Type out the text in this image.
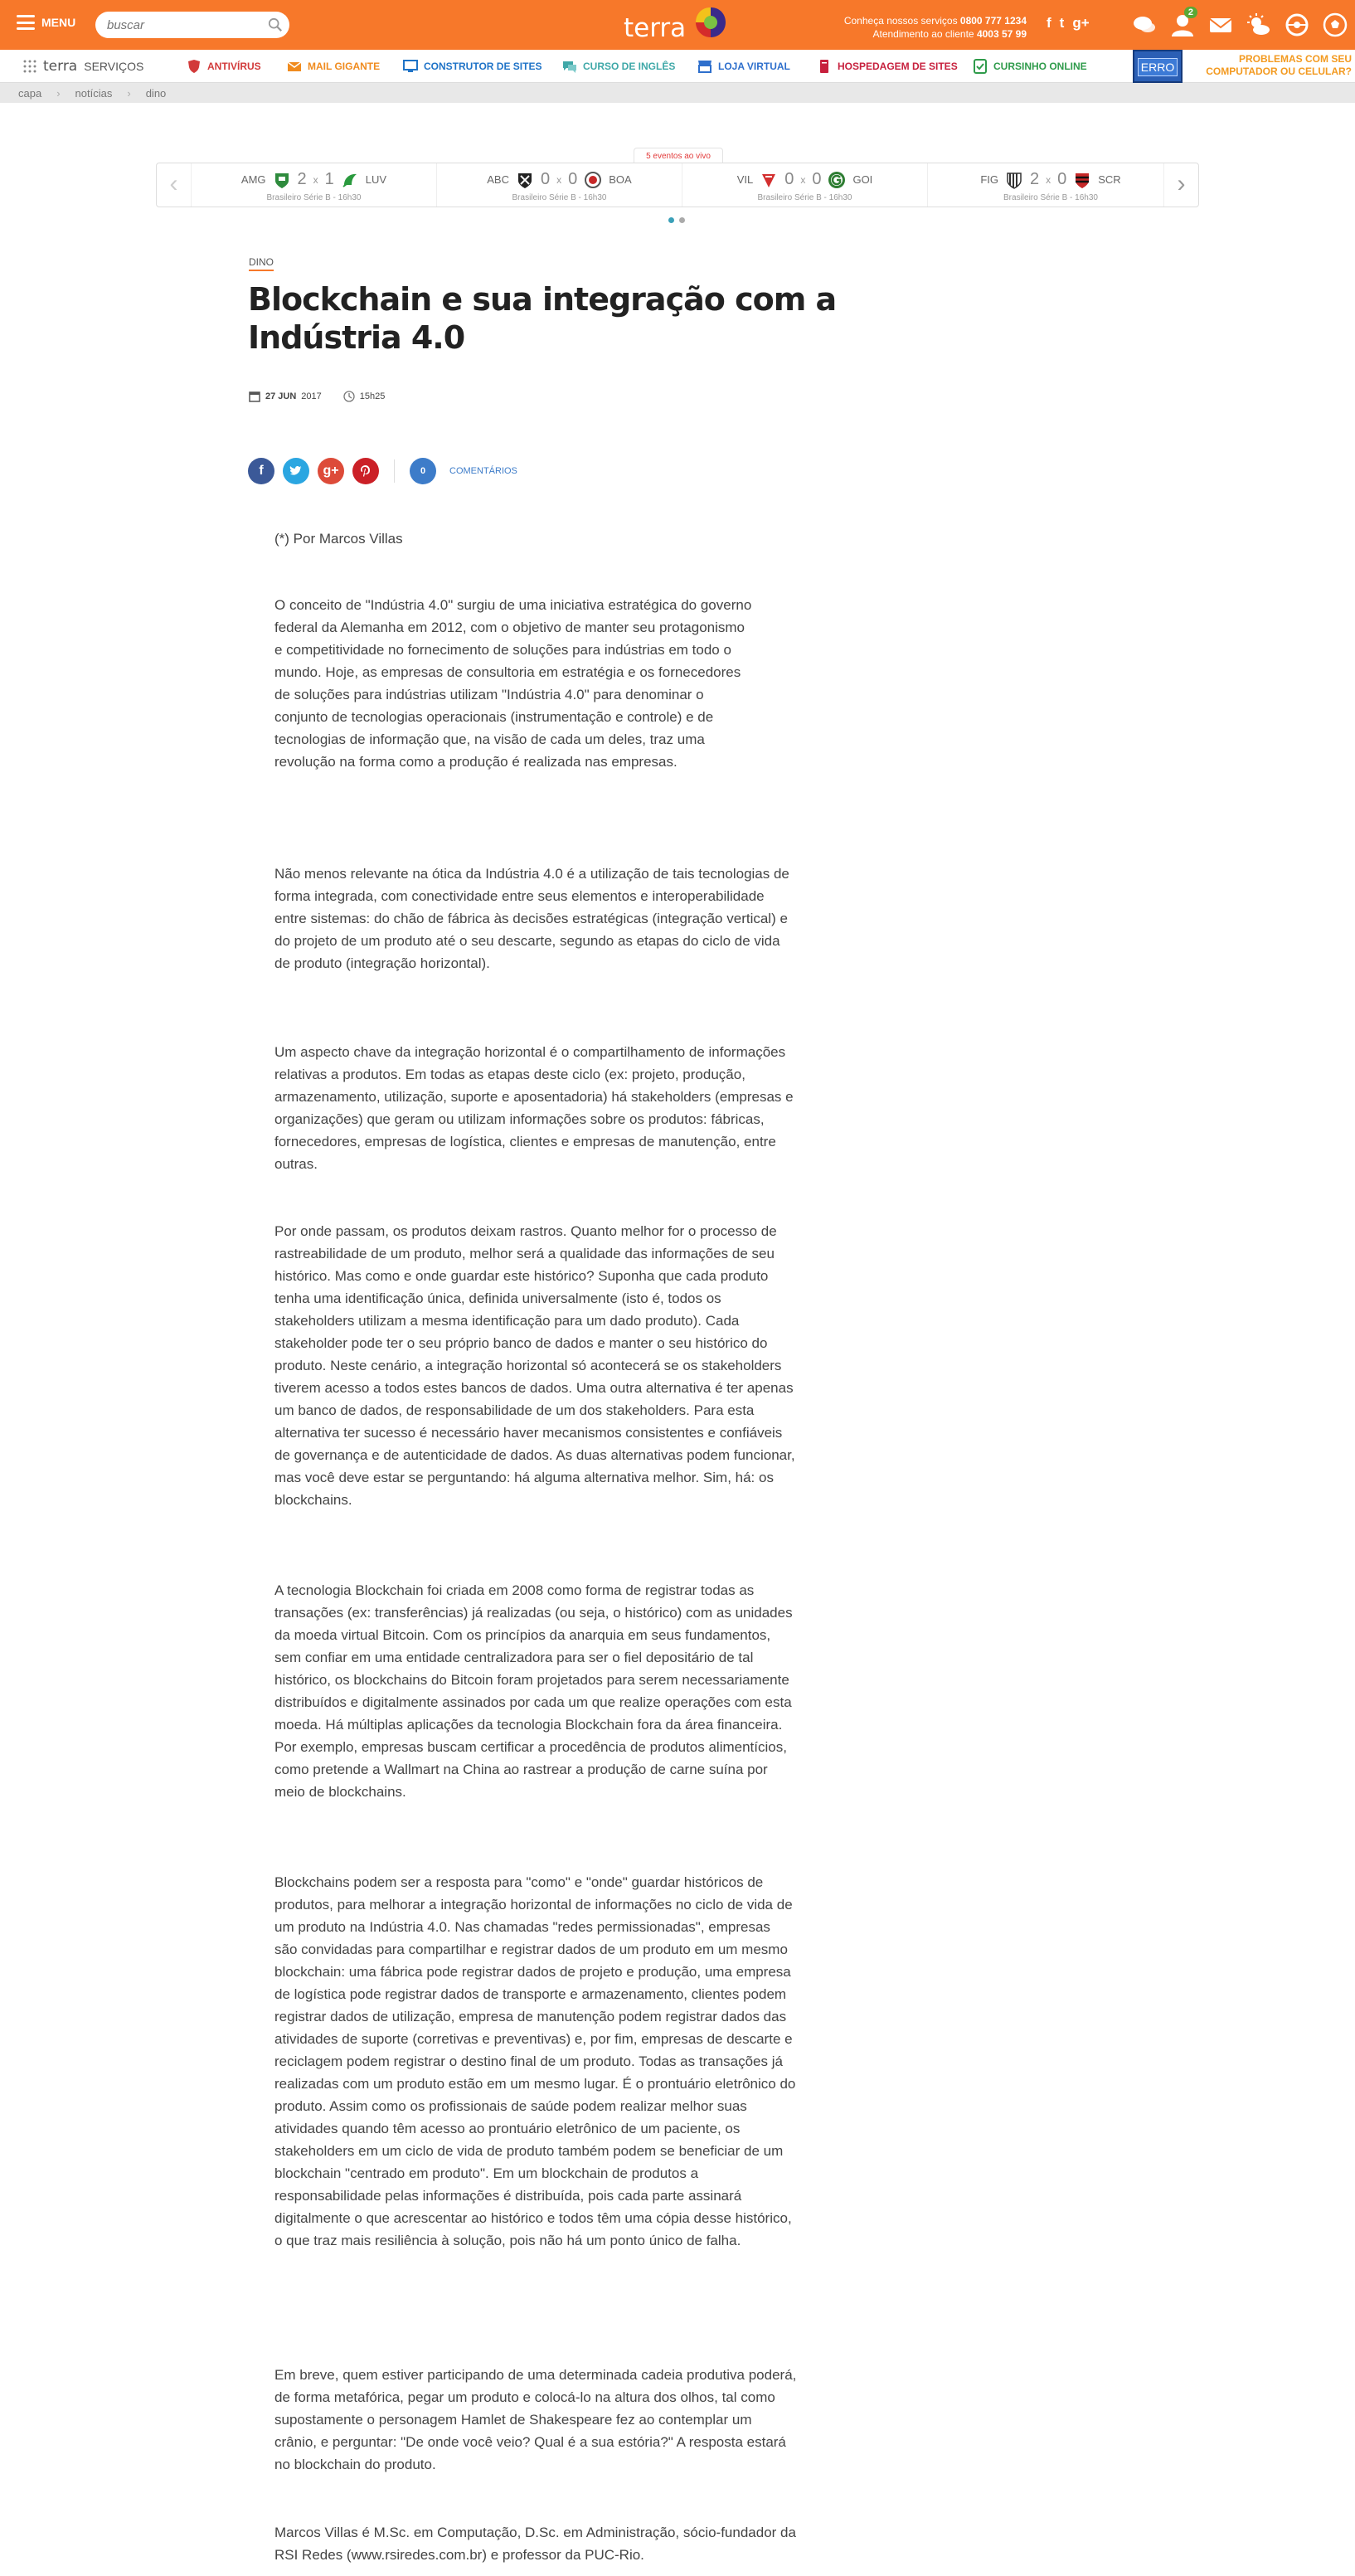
MENU
buscar	terra	Conheça nossos serviços 0800 777 1234
Atendimento ao cliente 4003 57 99
f t g+
2
terra SERVIÇOS	ANTIVÍRUS	MAIL GIGANTE	CONSTRUTOR DE SITES	CURSO DE INGLÊS	LOJA VIRTUAL	HOSPEDAGEM DE SITES	CURSINHO ONLINE	ERRO
PROBLEMAS COM SEU
COMPUTADOR OU CELULAR?
capa › notícias › dino
5 eventos ao vivo
‹	AMG 2 x 1	LUV
Brasileiro Série B - 16h30
ABC 0 x 0	BOA
Brasileiro Série B - 16h30
VIL 0 x 0	GOI
Brasileiro Série B - 16h30
FIG 2 x 0	SCR
Brasileiro Série B - 16h30
›
DINO
Blockchain e sua integração com a Indústria 4.0
27 JUN 2017	15h25
f	g+	0	COMENTÁRIOS

(*) Por Marcos Villas

O conceito de "Indústria 4.0" surgiu de uma iniciativa estratégica do governo federal da Alemanha em 2012, com o objetivo de manter seu protagonismo e competitividade no fornecimento de soluções para indústrias em todo o mundo. Hoje, as empresas de consultoria em estratégia e os fornecedores de soluções para indústrias utilizam "Indústria 4.0" para denominar o conjunto de tecnologias operacionais (instrumentação e controle) e de tecnologias de informação que, na visão de cada um deles, traz uma revolução na forma como a produção é realizada nas empresas.

Não menos relevante na ótica da Indústria 4.0 é a utilização de tais tecnologias de forma integrada, com conectividade entre seus elementos e interoperabilidade entre sistemas: do chão de fábrica às decisões estratégicas (integração vertical) e do projeto de um produto até o seu descarte, segundo as etapas do ciclo de vida de produto (integração horizontal).

Um aspecto chave da integração horizontal é o compartilhamento de informações relativas a produtos. Em todas as etapas deste ciclo (ex: projeto, produção, armazenamento, utilização, suporte e aposentadoria) há stakeholders (empresas e organizações) que geram ou utilizam informações sobre os produtos: fábricas, fornecedores, empresas de logística, clientes e empresas de manutenção, entre outras.

Por onde passam, os produtos deixam rastros. Quanto melhor for o processo de rastreabilidade de um produto, melhor será a qualidade das informações de seu histórico. Mas como e onde guardar este histórico? Suponha que cada produto tenha uma identificação única, definida universalmente (isto é, todos os stakeholders utilizam a mesma identificação para um dado produto). Cada stakeholder pode ter o seu próprio banco de dados e manter o seu histórico do produto. Neste cenário, a integração horizontal só acontecerá se os stakeholders tiverem acesso a todos estes bancos de dados. Uma outra alternativa é ter apenas um banco de dados, de responsabilidade de um dos stakeholders. Para esta alternativa ter sucesso é necessário haver mecanismos consistentes e confiáveis de governança e de autenticidade de dados. As duas alternativas podem funcionar, mas você deve estar se perguntando: há alguma alternativa melhor. Sim, há: os blockchains.

A tecnologia Blockchain foi criada em 2008 como forma de registrar todas as transações (ex: transferências) já realizadas (ou seja, o histórico) com as unidades da moeda virtual Bitcoin. Com os princípios da anarquia em seus fundamentos, sem confiar em uma entidade centralizadora para ser o fiel depositário de tal histórico, os blockchains do Bitcoin foram projetados para serem necessariamente distribuídos e digitalmente assinados por cada um que realize operações com esta moeda. Há múltiplas aplicações da tecnologia Blockchain fora da área financeira. Por exemplo, empresas buscam certificar a procedência de produtos alimentícios, como pretende a Wallmart na China ao rastrear a produção de carne suína por meio de blockchains.

Blockchains podem ser a resposta para "como" e "onde" guardar históricos de produtos, para melhorar a integração horizontal de informações no ciclo de vida de um produto na Indústria 4.0. Nas chamadas "redes permissionadas", empresas são convidadas para compartilhar e registrar dados de um produto em um mesmo blockchain: uma fábrica pode registrar dados de projeto e produção, uma empresa de logística pode registrar dados de transporte e armazenamento, clientes podem registrar dados de utilização, empresa de manutenção podem registrar dados das atividades de suporte (corretivas e preventivas) e, por fim, empresas de descarte e reciclagem podem registrar o destino final de um produto. Todas as transações já realizadas com um produto estão em um mesmo lugar. É o prontuário eletrônico do produto. Assim como os profissionais de saúde podem realizar melhor suas atividades quando têm acesso ao prontuário eletrônico de um paciente, os stakeholders em um ciclo de vida de produto também podem se beneficiar de um blockchain "centrado em produto". Em um blockchain de produtos a responsabilidade pelas informações é distribuída, pois cada parte assinará digitalmente o que acrescentar ao histórico e todos têm uma cópia desse histórico, o que traz mais resiliência à solução, pois não há um ponto único de falha.

Em breve, quem estiver participando de uma determinada cadeia produtiva poderá, de forma metafórica, pegar um produto e colocá-lo na altura dos olhos, tal como supostamente o personagem Hamlet de Shakespeare fez ao contemplar um crânio, e perguntar: "De onde você veio? Qual é a sua estória?" A resposta estará no blockchain do produto.

Marcos Villas é M.Sc. em Computação, D.Sc. em Administração, sócio-fundador da RSI Redes (www.rsiredes.com.br) e professor da PUC-Rio.
